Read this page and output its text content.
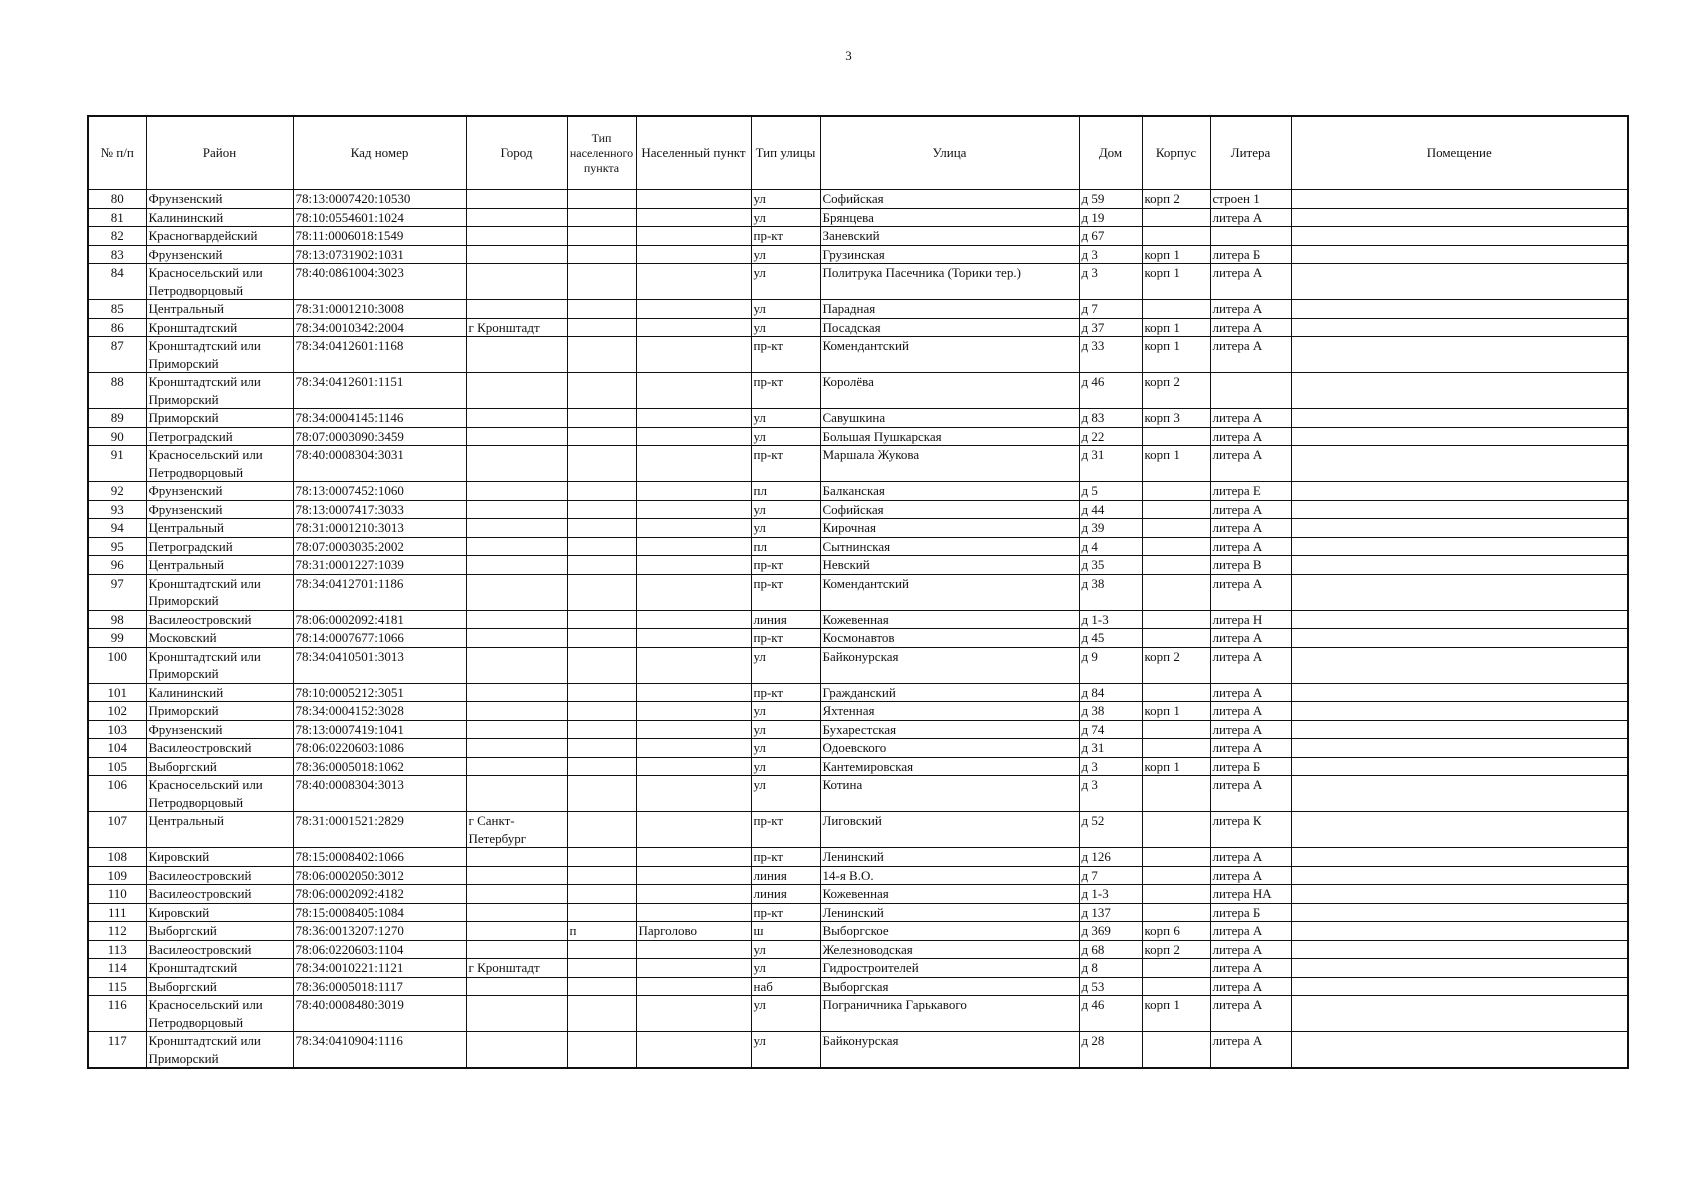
3
№ п/п	Район	Кад номер	Город	Тип населенного пункта	Населенный пункт	Тип улицы	Улица	Дом	Корпус	Литера	Помещение
80	Фрунзенский	78:13:0007420:10530				ул	Софийская	д 59	корп 2	строен 1	
81	Калининский	78:10:0554601:1024				ул	Брянцева	д 19		литера А	
82	Красногвардейский	78:11:0006018:1549				пр-кт	Заневский	д 67			
83	Фрунзенский	78:13:0731902:1031				ул	Грузинская	д 3	корп 1	литера Б	
84	Красносельский или Петродворцовый	78:40:0861004:3023				ул	Политрука Пасечника (Торики тер.)	д 3	корп 1	литера А	
85	Центральный	78:31:0001210:3008				ул	Парадная	д 7		литера А	
86	Кронштадтский	78:34:0010342:2004	г Кронштадт			ул	Посадская	д 37	корп 1	литера А	
87	Кронштадтский или Приморский	78:34:0412601:1168				пр-кт	Комендантский	д 33	корп 1	литера А	
88	Кронштадтский или Приморский	78:34:0412601:1151				пр-кт	Королёва	д 46	корп 2		
89	Приморский	78:34:0004145:1146				ул	Савушкина	д 83	корп 3	литера А	
90	Петроградский	78:07:0003090:3459				ул	Большая Пушкарская	д 22		литера А	
91	Красносельский или Петродворцовый	78:40:0008304:3031				пр-кт	Маршала Жукова	д 31	корп 1	литера А	
92	Фрунзенский	78:13:0007452:1060				пл	Балканская	д 5		литера Е	
93	Фрунзенский	78:13:0007417:3033				ул	Софийская	д 44		литера А	
94	Центральный	78:31:0001210:3013				ул	Кирочная	д 39		литера А	
95	Петроградский	78:07:0003035:2002				пл	Сытнинская	д 4		литера А	
96	Центральный	78:31:0001227:1039				пр-кт	Невский	д 35		литера В	
97	Кронштадтский или Приморский	78:34:0412701:1186				пр-кт	Комендантский	д 38		литера А	
98	Василеостровский	78:06:0002092:4181				линия	Кожевенная	д 1-3		литера Н	
99	Московский	78:14:0007677:1066				пр-кт	Космонавтов	д 45		литера А	
100	Кронштадтский или Приморский	78:34:0410501:3013				ул	Байконурская	д 9	корп 2	литера А	
101	Калининский	78:10:0005212:3051				пр-кт	Гражданский	д 84		литера А	
102	Приморский	78:34:0004152:3028				ул	Яхтенная	д 38	корп 1	литера А	
103	Фрунзенский	78:13:0007419:1041				ул	Бухарестская	д 74		литера А	
104	Василеостровский	78:06:0220603:1086				ул	Одоевского	д 31		литера А	
105	Выборгский	78:36:0005018:1062				ул	Кантемировская	д 3	корп 1	литера Б	
106	Красносельский или Петродворцовый	78:40:0008304:3013				ул	Котина	д 3		литера А	
107	Центральный	78:31:0001521:2829	г Санкт-Петербург			пр-кт	Лиговский	д 52		литера К	
108	Кировский	78:15:0008402:1066				пр-кт	Ленинский	д 126		литера А	
109	Василеостровский	78:06:0002050:3012				линия	14-я В.О.	д 7		литера А	
110	Василеостровский	78:06:0002092:4182				линия	Кожевенная	д 1-3		литера НА	
111	Кировский	78:15:0008405:1084				пр-кт	Ленинский	д 137		литера Б	
112	Выборгский	78:36:0013207:1270		п	Парголово	ш	Выборгское	д 369	корп 6	литера А	
113	Василеостровский	78:06:0220603:1104				ул	Железноводская	д 68	корп 2	литера А	
114	Кронштадтский	78:34:0010221:1121	г Кронштадт			ул	Гидростроителей	д 8		литера А	
115	Выборгский	78:36:0005018:1117				наб	Выборгская	д 53		литера А	
116	Красносельский или Петродворцовый	78:40:0008480:3019				ул	Пограничника Гарькавого	д 46	корп 1	литера А	
117	Кронштадтский или Приморский	78:34:0410904:1116				ул	Байконурская	д 28		литера А	
